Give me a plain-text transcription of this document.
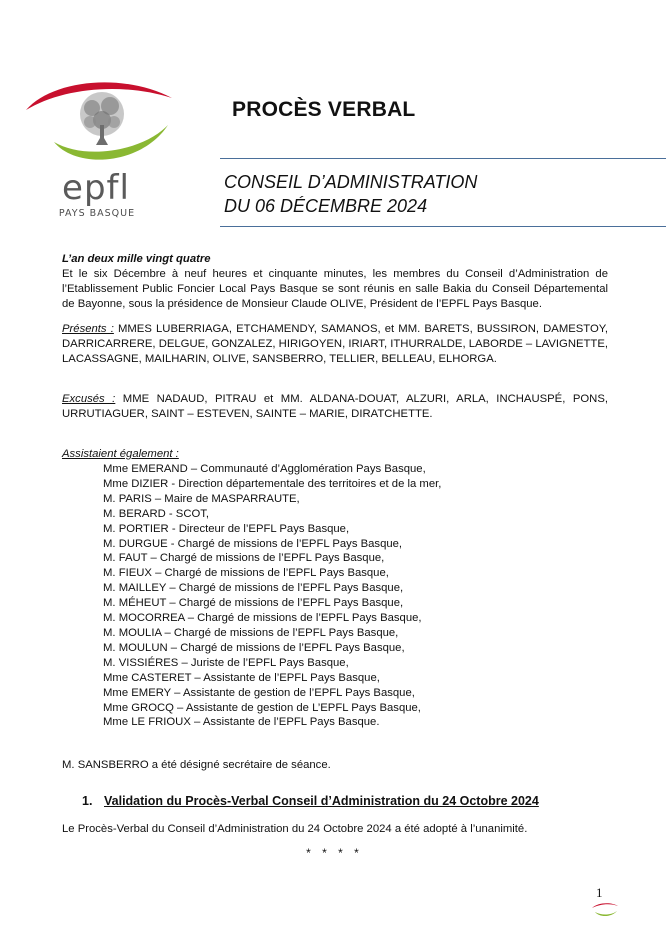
epfl
PAYS BASQUE
PROCÈS VERBAL
CONSEIL D’ADMINISTRATION
DU 06 DÉCEMBRE 2024

L’an deux mille vingt quatre

Et le six Décembre à neuf heures et cinquante minutes, les membres du Conseil d’Administration de l’Etablissement Public Foncier Local Pays Basque se sont réunis en salle Bakia du Conseil Départemental de Bayonne, sous la présidence de Monsieur Claude OLIVE, Président de l’EPFL Pays Basque.

Présents : MMES LUBERRIAGA, ETCHAMENDY, SAMANOS, et MM. BARETS, BUSSIRON, DAMESTOY, DARRICARRERE, DELGUE, GONZALEZ, HIRIGOYEN, IRIART, ITHURRALDE, LABORDE – LAVIGNETTE, LACASSAGNE, MAILHARIN, OLIVE, SANSBERRO, TELLIER, BELLEAU, ELHORGA.

Excusés : MME NADAUD, PITRAU et MM. ALDANA-DOUAT, ALZURI, ARLA, INCHAUSPÉ, PONS, URRUTIAGUER, SAINT – ESTEVEN, SAINTE – MARIE, DIRATCHETTE.

Assistaient également :

Mme EMERAND – Communauté d’Agglomération Pays Basque,
Mme DIZIER - Direction départementale des territoires et de la mer,
M. PARIS – Maire de MASPARRAUTE,
M. BERARD - SCOT,
M. PORTIER - Directeur de l’EPFL Pays Basque,
M. DURGUE - Chargé de missions de l’EPFL Pays Basque,
M. FAUT – Chargé de missions de l’EPFL Pays Basque,
M. FIEUX – Chargé de missions de l’EPFL Pays Basque,
M. MAILLEY – Chargé de missions de l’EPFL Pays Basque,
M. MÉHEUT – Chargé de missions de l’EPFL Pays Basque,
M. MOCORREA – Chargé de missions de l’EPFL Pays Basque,
M. MOULIA – Chargé de missions de l’EPFL Pays Basque,
M. MOULUN – Chargé de missions de l’EPFL Pays Basque,
M. VISSIÉRES – Juriste de l’EPFL Pays Basque,
Mme CASTERET – Assistante de l’EPFL Pays Basque,
Mme EMERY – Assistante de gestion de l’EPFL Pays Basque,
Mme GROCQ – Assistante de gestion de L’EPFL Pays Basque,
Mme LE FRIOUX – Assistante de l’EPFL Pays Basque.
M. SANSBERRO a été désigné secrétaire de séance.
1. Validation du Procès-Verbal Conseil d’Administration du 24 Octobre 2024
Le Procès-Verbal du Conseil d’Administration du 24 Octobre 2024 a été adopté à l’unanimité.
* * * *
1
